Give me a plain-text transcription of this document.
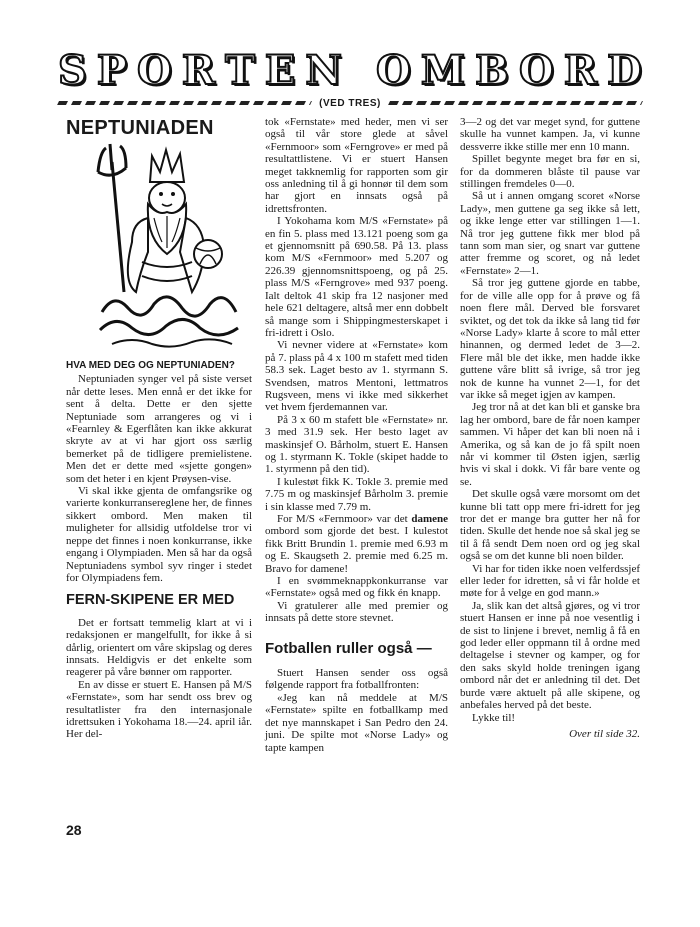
S P O R T E N O M B O R D
(VED TRES)
NEPTUNIADEN
HVA MED DEG OG NEPTUNIADEN?

Neptuniaden synger vel på siste verset når dette leses. Men ennå er det ikke for sent å delta. Dette er den sjette Neptuniade som arrangeres og vi i «Fearnley & Egerflåten kan ikke akkurat skryte av at vi har gjort oss særlig bemerket på de tidligere premielistene. Men det er dette med «sjette gongen» som det heter i en kjent Prøysen-vise.

Vi skal ikke gjenta de omfangsrike og varierte konkurransereglene her, de finnes sikkert ombord. Men maken til muligheter for allsidig utfoldelse tror vi neppe det finnes i noen konkurranse, ikke engang i Olympiaden. Men så har da også Neptuniadens symbol syv ringer i stedet for Olympiadens fem.

FERN-SKIPENE ER MED

Det er fortsatt temmelig klart at vi i redaksjonen er mangelfullt, for ikke å si dårlig, orientert om våre skipslag og deres innsats. Heldigvis er det enkelte som reagerer på våre bønner om rapporter.

En av disse er stuert E. Hansen på M/S «Fernstate», som har sendt oss brev og resultatlister fra den internasjonale idrettsuken i Yokohama 18.—24. april iår. Her del-

tok «Fernstate» med heder, men vi ser også til vår store glede at såvel «Fernmoor» som «Ferngrove» er med på resultattlistene. Vi er stuert Hansen meget takknemlig for rapporten som gir oss anledning til å gi honnør til dem som har gjort en innsats også på idrettsfronten.

I Yokohama kom M/S «Fernstate» på en fin 5. plass med 13.121 poeng som ga et gjennomsnitt på 690.58. På 13. plass kom M/S «Fernmoor» med 5.207 og 226.39 gjennomsnittspoeng, og på 25. plass M/S «Ferngrove» med 937 poeng. Ialt deltok 41 skip fra 12 nasjoner med hele 621 deltagere, altså mer enn dobbelt så mange som i Shippingmesterskapet i fri-idrett i Oslo.

Vi nevner videre at «Fernstate» kom på 7. plass på 4 x 100 m stafett med tiden 58.3 sek. Laget besto av 1. styrmann S. Svendsen, matros Mentoni, lettmatros Rugsveen, mens vi ikke med sikkerhet vet hvem fjerdemannen var.

På 3 x 60 m stafett ble «Fernstate» nr. 3 med 31.9 sek. Her besto laget av maskinsjef O. Bårholm, stuert E. Hansen og 1. styrmann K. Tokle (skipet hadde to 1. styrmenn på den tid).

I kulestøt fikk K. Tokle 3. premie med 7.75 m og maskinsjef Bårholm 3. premie i sin klasse med 7.79 m.

For M/S «Fernmoor» var det damene ombord som gjorde det best. I kulestot fikk Britt Brundin 1. premie med 6.93 m og E. Skaugseth 2. premie med 6.25 m. Bravo for damene!

I en svømmeknappkonkurranse var «Fernstate» også med og fikk én knapp.

Vi gratulerer alle med premier og innsats på dette store stevnet.

Fotballen ruller også —

Stuert Hansen sender oss også følgende rapport fra fotballfronten:

«Jeg kan nå meddele at M/S «Fernstate» spilte en fotballkamp med det nye mannskapet i San Pedro den 24. juni. De spilte mot «Norse Lady» og tapte kampen

3—2 og det var meget synd, for guttene skulle ha vunnet kampen. Ja, vi kunne dessverre ikke stille mer enn 10 mann.

Spillet begynte meget bra før en si, for da dommeren blåste til pause var stillingen fremdeles 0—0.

Så ut i annen omgang scoret «Norse Lady», men guttene ga seg ikke så lett, og ikke lenge etter var stillingen 1—1. Nå tror jeg guttene fikk mer blod på tann som man sier, og snart var guttene atter fremme og scoret, og nå ledet «Fernstate» 2—1.

Så tror jeg guttene gjorde en tabbe, for de ville alle opp for å prøve og få noen flere mål. Derved ble forsvaret sviktet, og det tok da ikke så lang tid før «Norse Lady» klarte å score to mål etter hinannen, og dermed ledet de 3—2. Flere mål ble det ikke, men hadde ikke guttene våre blitt så ivrige, så tror jeg nok de kunne ha vunnet 2—1, for det var ikke så meget igjen av kampen.

Jeg tror nå at det kan bli et ganske bra lag her ombord, bare de får noen kamper sammen. Vi håper det kan bli noen nå i Amerika, og så kan de jo få spilt noen når vi kommer til Østen igjen, særlig hvis vi skal i dokk. Vi får bare vente og se.

Det skulle også være morsomt om det kunne bli tatt opp mere fri-idrett for jeg tror det er mange bra gutter her nå for tiden. Skulle det hende noe så skal jeg se til å få sendt Dem noen ord og jeg skal også se om det kunne bli noen bilder.

Vi har for tiden ikke noen velferdssjef eller leder for idretten, så vi får holde et møte for å velge en god mann.»

Ja, slik kan det altså gjøres, og vi tror stuert Hansen er inne på noe vesentlig i de sist to linjene i brevet, nemlig å få en god leder eller oppmann til å ordne med deltagelse i stevner og kamper, og for den saks skyld holde treningen igang ombord når det er anledning til det. Det burde være aktuelt på alle skipene, og anbefales herved på det beste.

Lykke til!

Over til side 32.
28
